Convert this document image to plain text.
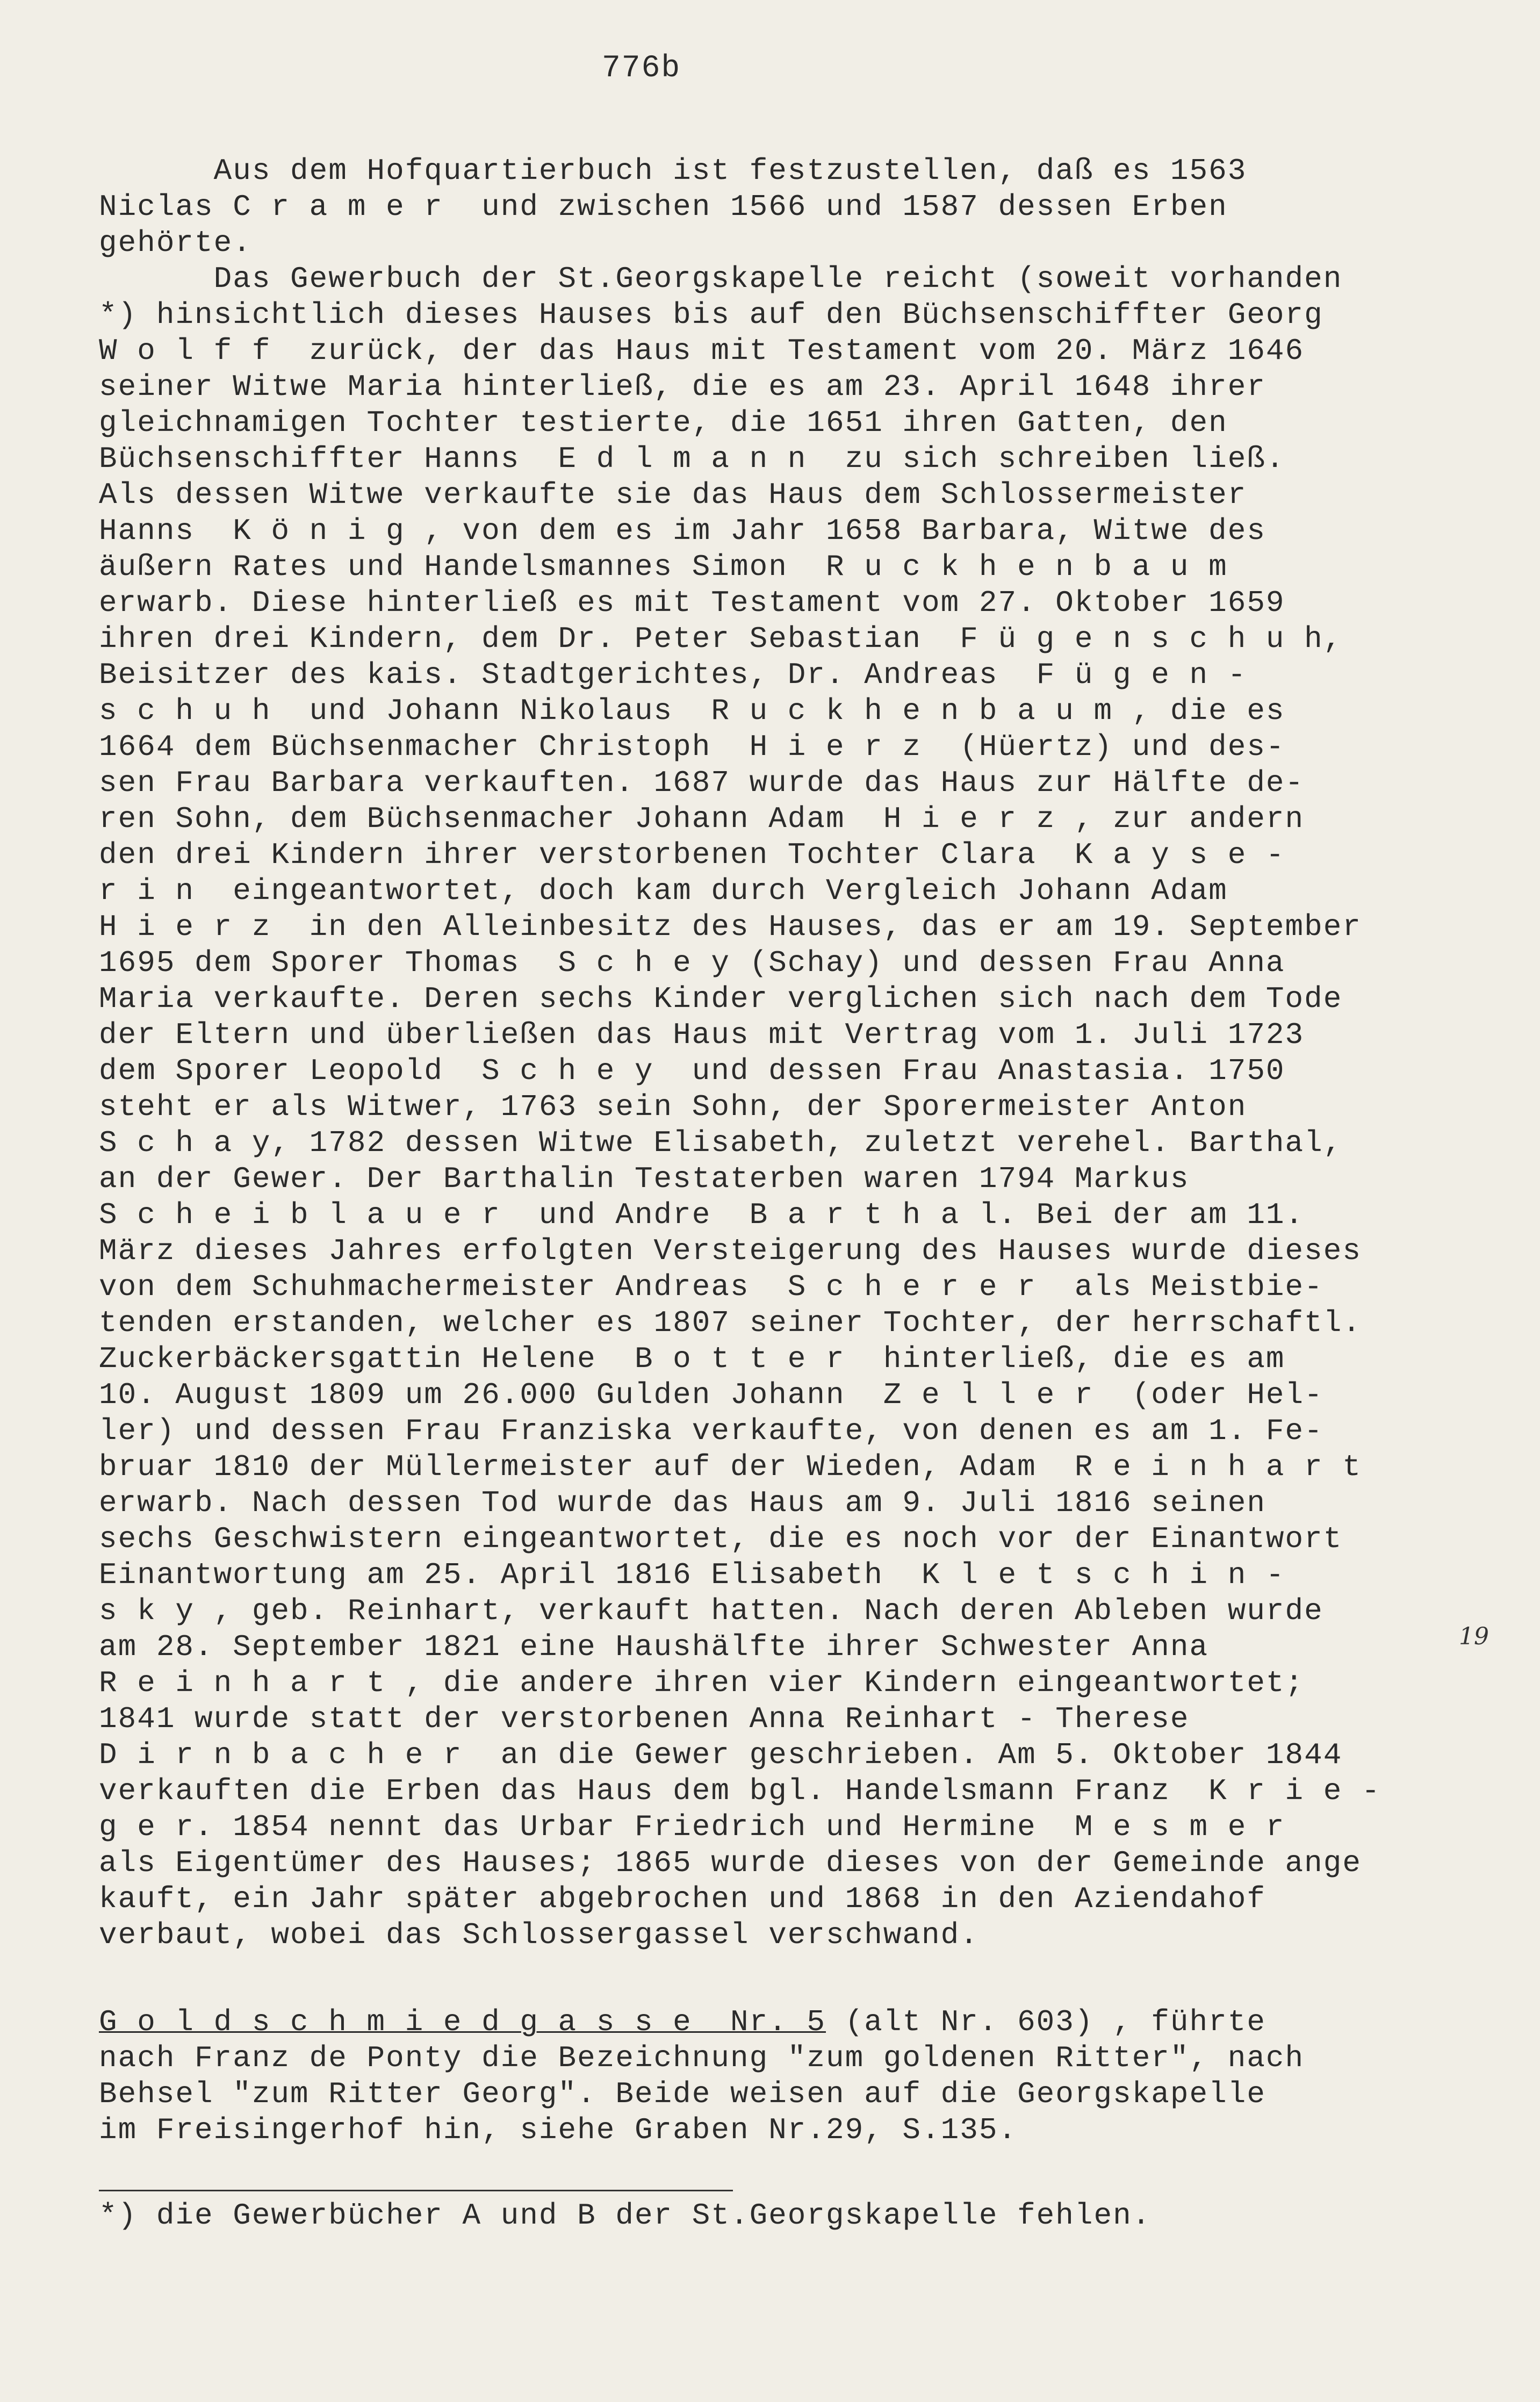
776b
Aus dem Hofquartierbuch ist festzustellen, daß es 1563
Niclas C r a m e r  und zwischen 1566 und 1587 dessen Erben
gehörte.
Das Gewerbuch der St.Georgskapelle reicht (soweit vorhanden
*) hinsichtlich dieses Hauses bis auf den Büchsenschiffter Georg
W o l f f  zurück, der das Haus mit Testament vom 20. März 1646
seiner Witwe Maria hinterließ, die es am 23. April 1648 ihrer
gleichnamigen Tochter testierte, die 1651 ihren Gatten, den
Büchsenschiffter Hanns  E d l m a n n  zu sich schreiben ließ.
Als dessen Witwe verkaufte sie das Haus dem Schlossermeister
Hanns  K ö n i g , von dem es im Jahr 1658 Barbara, Witwe des
äußern Rates und Handelsmannes Simon  R u c k h e n b a u m
erwarb. Diese hinterließ es mit Testament vom 27. Oktober 1659
ihren drei Kindern, dem Dr. Peter Sebastian  F ü g e n s c h u h,
Beisitzer des kais. Stadtgerichtes, Dr. Andreas  F ü g e n -
s c h u h  und Johann Nikolaus  R u c k h e n b a u m , die es
1664 dem Büchsenmacher Christoph  H i e r z  (Hüertz) und des-
sen Frau Barbara verkauften. 1687 wurde das Haus zur Hälfte de-
ren Sohn, dem Büchsenmacher Johann Adam  H i e r z , zur andern
den drei Kindern ihrer verstorbenen Tochter Clara  K a y s e -
r i n  eingeantwortet, doch kam durch Vergleich Johann Adam
H i e r z  in den Alleinbesitz des Hauses, das er am 19. September
1695 dem Sporer Thomas  S c h e y (Schay) und dessen Frau Anna
Maria verkaufte. Deren sechs Kinder verglichen sich nach dem Tode
der Eltern und überließen das Haus mit Vertrag vom 1. Juli 1723
dem Sporer Leopold  S c h e y  und dessen Frau Anastasia. 1750
steht er als Witwer, 1763 sein Sohn, der Sporermeister Anton
S c h a y, 1782 dessen Witwe Elisabeth, zuletzt verehel. Barthal,
an der Gewer. Der Barthalin Testaterben waren 1794 Markus
S c h e i b l a u e r  und Andre  B a r t h a l. Bei der am 11.
März dieses Jahres erfolgten Versteigerung des Hauses wurde dieses
von dem Schuhmachermeister Andreas  S c h e r e r  als Meistbie-
tenden erstanden, welcher es 1807 seiner Tochter, der herrschaftl.
Zuckerbäckersgattin Helene  B o t t e r  hinterließ, die es am
10. August 1809 um 26.000 Gulden Johann  Z e l l e r  (oder Hel-
ler) und dessen Frau Franziska verkaufte, von denen es am 1. Fe-
bruar 1810 der Müllermeister auf der Wieden, Adam  R e i n h a r t
erwarb. Nach dessen Tod wurde das Haus am 9. Juli 1816 seinen
sechs Geschwistern eingeantwortet, die es noch vor der Einantwort
Einantwortung am 25. April 1816 Elisabeth  K l e t s c h i n -
s k y , geb. Reinhart, verkauft hatten. Nach deren Ableben wurde
am 28. September 1821 eine Haushälfte ihrer Schwester Anna
R e i n h a r t , die andere ihren vier Kindern eingeantwortet;
1841 wurde statt der verstorbenen Anna Reinhart - Therese
D i r n b a c h e r  an die Gewer geschrieben. Am 5. Oktober 1844
verkauften die Erben das Haus dem bgl. Handelsmann Franz  K r i e -
g e r. 1854 nennt das Urbar Friedrich und Hermine  M e s m e r
als Eigentümer des Hauses; 1865 wurde dieses von der Gemeinde ange
kauft, ein Jahr später abgebrochen und 1868 in den Aziendahof
verbaut, wobei das Schlossergassel verschwand.
19
G o l d s c h m i e d g a s s e  Nr. 5 (alt Nr. 603) , führte
nach Franz de Ponty die Bezeichnung "zum goldenen Ritter", nach
Behsel "zum Ritter Georg". Beide weisen auf die Georgskapelle
im Freisingerhof hin, siehe Graben Nr.29, S.135.
*) die Gewerbücher A und B der St.Georgskapelle fehlen.
